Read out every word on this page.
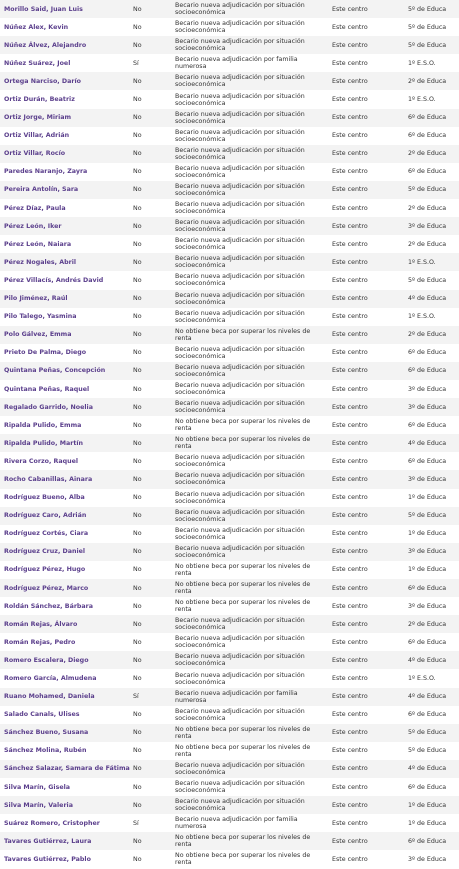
Morillo Said, Juan Luis	No	Becario nueva adjudicación por situación socioeconómica	Este centro	5º de Educa
Núñez Alex, Kevin	No	Becario nueva adjudicación por situación socioeconómica	Este centro	5º de Educa
Núñez Álvez, Alejandro	No	Becario nueva adjudicación por situación socioeconómica	Este centro	5º de Educa
Núñez Suárez, Joel	Sí	Becario nueva adjudicación por familia numerosa	Este centro	1º E.S.O.
Ortega Narciso, Darío	No	Becario nueva adjudicación por situación socioeconómica	Este centro	2º de Educa
Ortiz Durán, Beatriz	No	Becario nueva adjudicación por situación socioeconómica	Este centro	1º E.S.O.
Ortiz Jorge, Miriam	No	Becario nueva adjudicación por situación socioeconómica	Este centro	6º de Educa
Ortiz Villar, Adrián	No	Becario nueva adjudicación por situación socioeconómica	Este centro	6º de Educa
Ortiz Villar, Rocío	No	Becario nueva adjudicación por situación socioeconómica	Este centro	2º de Educa
Paredes Naranjo, Zayra	No	Becario nueva adjudicación por situación socioeconómica	Este centro	6º de Educa
Pereira Antolín, Sara	No	Becario nueva adjudicación por situación socioeconómica	Este centro	5º de Educa
Pérez Díaz, Paula	No	Becario nueva adjudicación por situación socioeconómica	Este centro	2º de Educa
Pérez León, Iker	No	Becario nueva adjudicación por situación socioeconómica	Este centro	3º de Educa
Pérez León, Naiara	No	Becario nueva adjudicación por situación socioeconómica	Este centro	2º de Educa
Pérez Nogales, Abril	No	Becario nueva adjudicación por situación socioeconómica	Este centro	1º E.S.O.
Pérez Villacís, Andrés David	No	Becario nueva adjudicación por situación socioeconómica	Este centro	5º de Educa
Pilo Jiménez, Raúl	No	Becario nueva adjudicación por situación socioeconómica	Este centro	4º de Educa
Pilo Talego, Yasmina	No	Becario nueva adjudicación por situación socioeconómica	Este centro	1º E.S.O.
Polo Gálvez, Emma	No	No obtiene beca por superar los niveles de renta	Este centro	2º de Educa
Prieto De Palma, Diego	No	Becario nueva adjudicación por situación socioeconómica	Este centro	6º de Educa
Quintana Peñas, Concepción	No	Becario nueva adjudicación por situación socioeconómica	Este centro	6º de Educa
Quintana Peñas, Raquel	No	Becario nueva adjudicación por situación socioeconómica	Este centro	3º de Educa
Regalado Garrido, Noelia	No	Becario nueva adjudicación por situación socioeconómica	Este centro	3º de Educa
Ripalda Pulido, Emma	No	No obtiene beca por superar los niveles de renta	Este centro	6º de Educa
Ripalda Pulido, Martín	No	No obtiene beca por superar los niveles de renta	Este centro	4º de Educa
Rivera Corzo, Raquel	No	Becario nueva adjudicación por situación socioeconómica	Este centro	6º de Educa
Rocho Cabanillas, Ainara	No	Becario nueva adjudicación por situación socioeconómica	Este centro	3º de Educa
Rodríguez Bueno, Alba	No	Becario nueva adjudicación por situación socioeconómica	Este centro	1º de Educa
Rodríguez Caro, Adrián	No	Becario nueva adjudicación por situación socioeconómica	Este centro	5º de Educa
Rodríguez Cortés, Ciara	No	Becario nueva adjudicación por situación socioeconómica	Este centro	1º de Educa
Rodríguez Cruz, Daniel	No	Becario nueva adjudicación por situación socioeconómica	Este centro	3º de Educa
Rodríguez Pérez, Hugo	No	No obtiene beca por superar los niveles de renta	Este centro	1º de Educa
Rodríguez Pérez, Marco	No	No obtiene beca por superar los niveles de renta	Este centro	6º de Educa
Roldán Sánchez, Bárbara	No	No obtiene beca por superar los niveles de renta	Este centro	3º de Educa
Román Rejas, Álvaro	No	Becario nueva adjudicación por situación socioeconómica	Este centro	2º de Educa
Román Rejas, Pedro	No	Becario nueva adjudicación por situación socioeconómica	Este centro	6º de Educa
Romero Escalera, Diego	No	Becario nueva adjudicación por situación socioeconómica	Este centro	4º de Educa
Romero García, Almudena	No	Becario nueva adjudicación por situación socioeconómica	Este centro	1º E.S.O.
Ruano Mohamed, Daniela	Sí	Becario nueva adjudicación por familia numerosa	Este centro	4º de Educa
Salado Canals, Ulises	No	Becario nueva adjudicación por situación socioeconómica	Este centro	6º de Educa
Sánchez Bueno, Susana	No	No obtiene beca por superar los niveles de renta	Este centro	5º de Educa
Sánchez Molina, Rubén	No	No obtiene beca por superar los niveles de renta	Este centro	5º de Educa
Sánchez Salazar, Samara de Fátima No	Becario nueva adjudicación por situación socioeconómica	Este centro	4º de Educa
Silva Marín, Gisela	No	Becario nueva adjudicación por situación socioeconómica	Este centro	6º de Educa
Silva Marín, Valeria	No	Becario nueva adjudicación por situación socioeconómica	Este centro	1º de Educa
Suárez Romero, Cristopher	Sí	Becario nueva adjudicación por familia numerosa	Este centro	1º de Educa
Tavares Gutiérrez, Laura	No	No obtiene beca por superar los niveles de renta	Este centro	6º de Educa
Tavares Gutiérrez, Pablo	No	No obtiene beca por superar los niveles de renta	Este centro	3º de Educa
